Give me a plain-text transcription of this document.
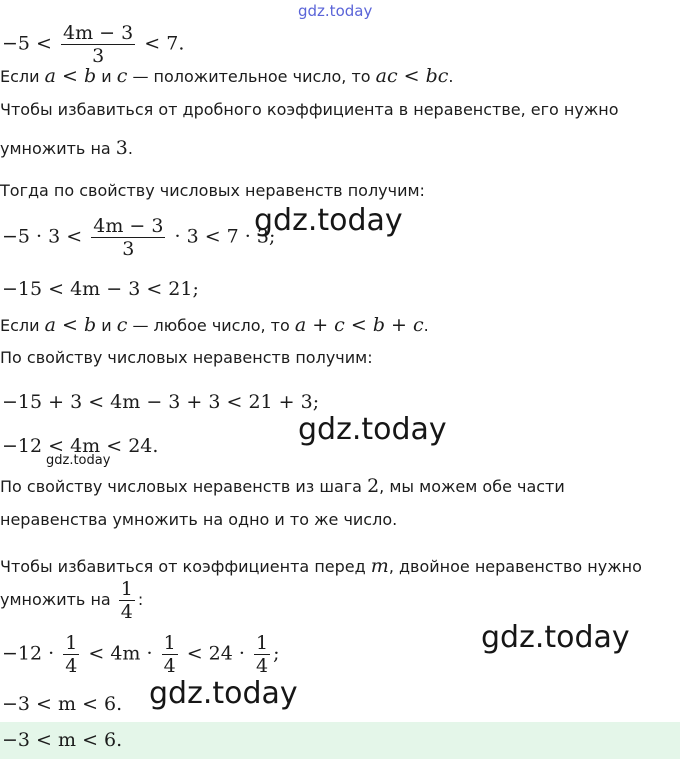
gdz.today
gdz.today
gdz.today
gdz.today
gdz.today
gdz.today
$-5 < \frac{4m - 3}{3} < 7$.
Если a < b и c — положительное число, то ac < bc.
Чтобы избавиться от дробного коэффициента в неравенстве, его нужно
умножить на 3.
Тогда по свойству числовых неравенств получим:
$-5 \cdot 3 < \frac{4m - 3}{3} \cdot 3 < 7 \cdot 3$;
−15 < 4m − 3 < 21;
Если a < b и c — любое число, то a + c < b + c.
По свойству числовых неравенств получим:
−15 + 3 < 4m − 3 + 3 < 21 + 3;
−12 < 4m < 24.
По свойству числовых неравенств из шага 2, мы можем обе части
неравенства умножить на одно и то же число.
Чтобы избавиться от коэффициента перед m, двойное неравенство нужно
умножить на $\frac{1}{4}$ :
$-12 \cdot \frac{1}{4} < 4m \cdot \frac{1}{4} < 24 \cdot \frac{1}{4}$ ;
−3 < m < 6.
−3 < m < 6.
